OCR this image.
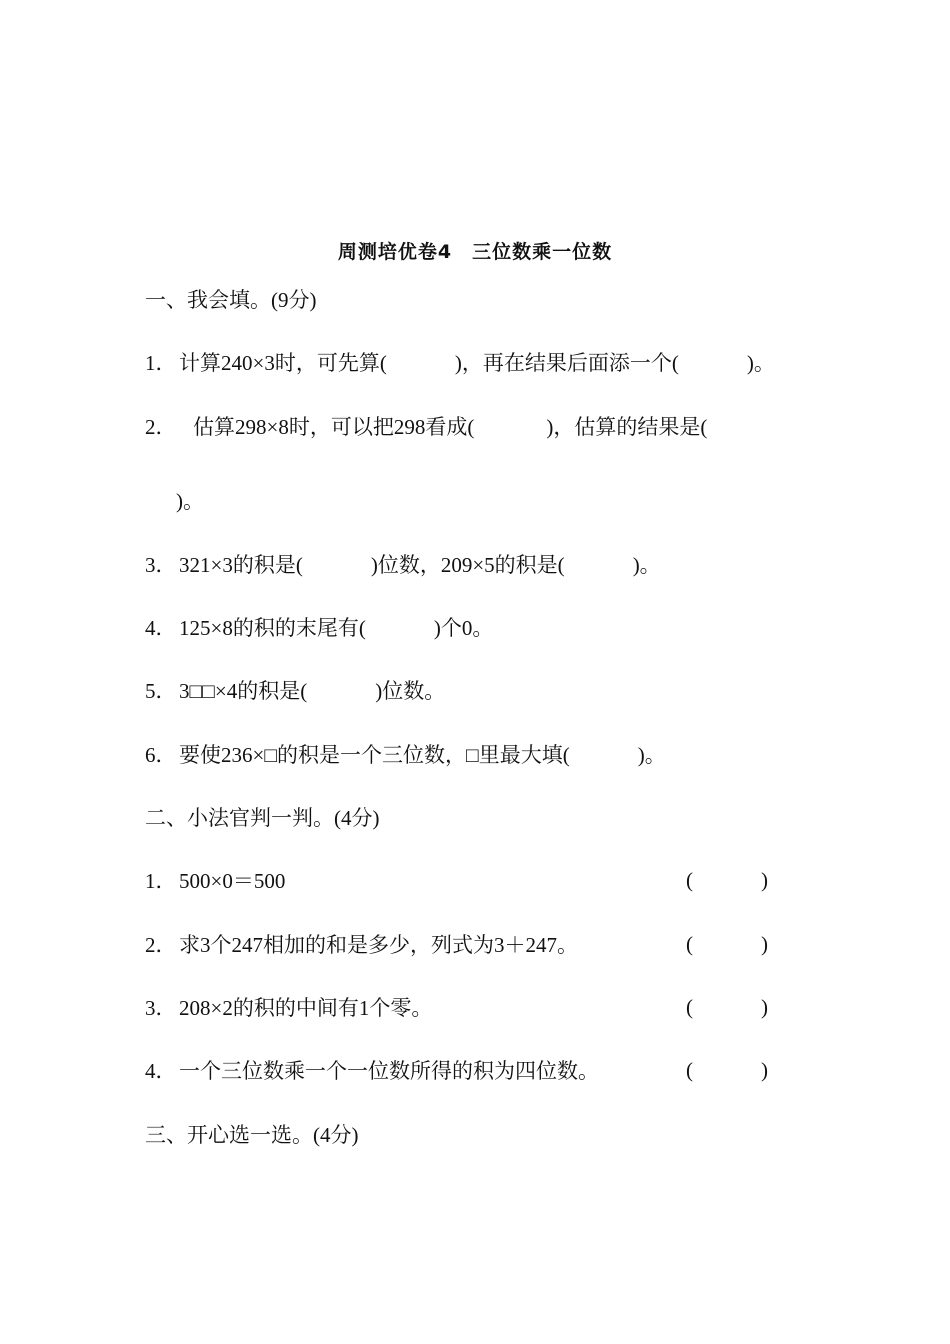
周测培优卷4　三位数乘一位数
一、我会填。(9分)
1． 计算240×3时，可先算(	)，再在结果后面添一个(	)。
2． 估算298×8时，可以把298看成(	)，估算的结果是(
)。
3． 321×3的积是(	)位数，209×5的积是(	)。
4． 125×8的积的末尾有(	)个0。
5． 3□□×4的积是(	)位数。
6． 要使236×□的积是一个三位数，□里最大填(	)。
二、小法官判一判。(4分)
1． 500×0＝500	(	)
2． 求3个247相加的和是多少，列式为3＋247。	(	)
3． 208×2的积的中间有1个零。	(	)
4． 一个三位数乘一个一位数所得的积为四位数。	(	)
三、开心选一选。(4分)
